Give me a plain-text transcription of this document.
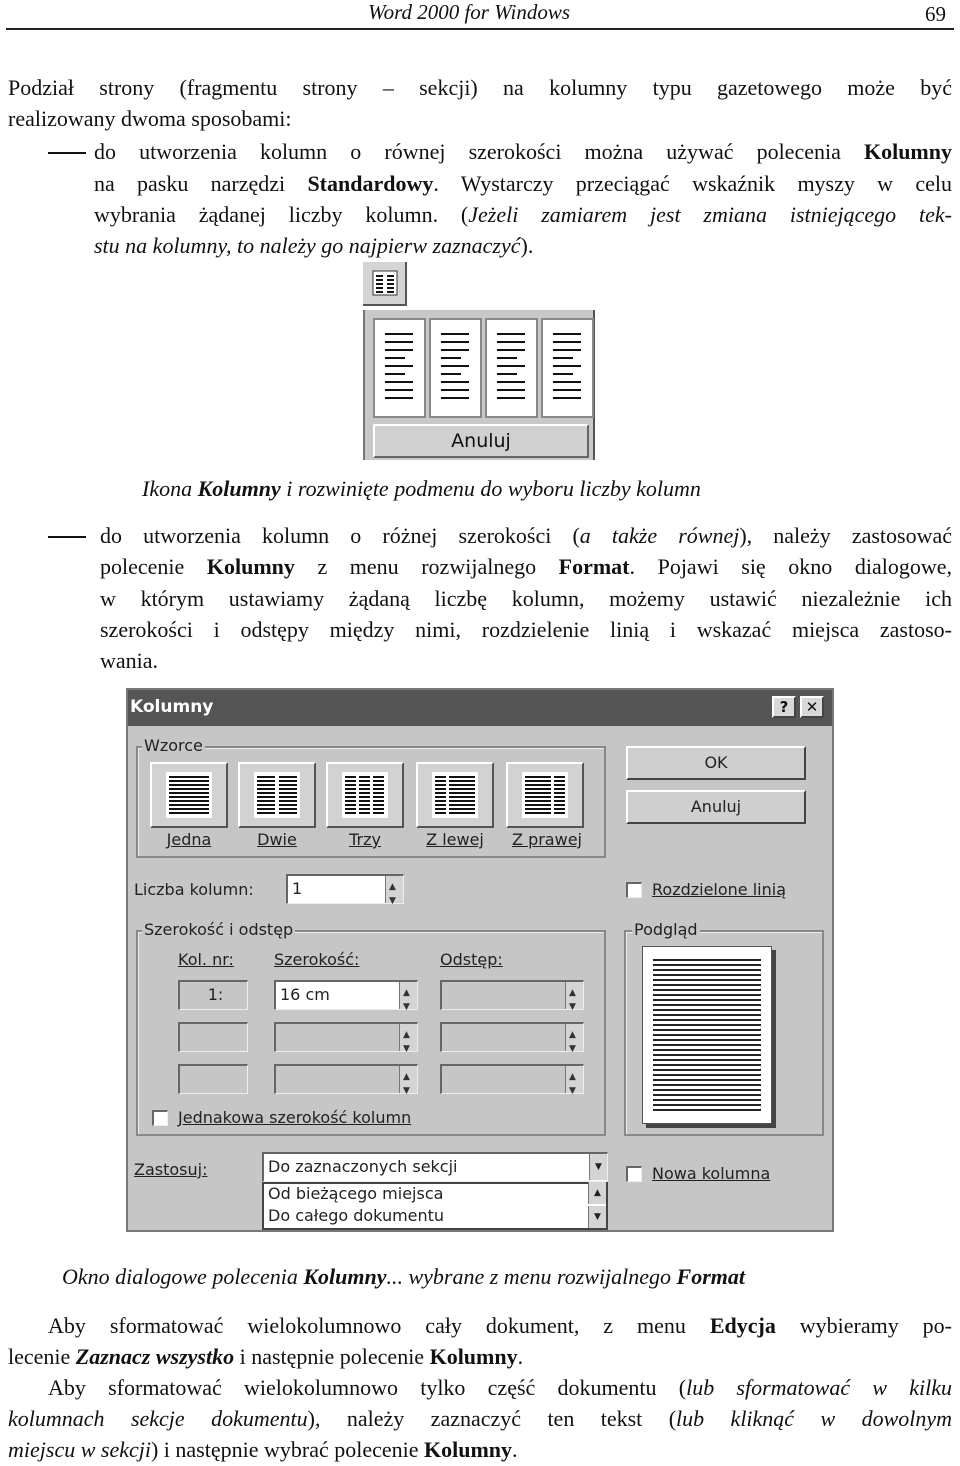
Word 2000 for Windows	69
Podział strony (fragmentu strony – sekcji) na kolumny typu gazetowego może być
realizowany dwoma sposobami:
do utworzenia kolumn o równej szerokości można używać polecenia Kolumny
na pasku narzędzi Standardowy. Wystarczy przeciągać wskaźnik myszy w celu
wybrania żądanej liczby kolumn. (Jeżeli zamiarem jest zmiana istniejącego tek-
stu na kolumny, to należy go najpierw zaznaczyć).
Anuluj
Ikona Kolumny i rozwinięte podmenu do wyboru liczby kolumn
do utworzenia kolumn o różnej szerokości (a także równej), należy zastosować
polecenie Kolumny z menu rozwijalnego Format. Pojawi się okno dialogowe,
w którym ustawiamy żądaną liczbę kolumn, możemy ustawić niezależnie ich
szerokości i odstępy między nimi, rozdzielenie linią i wskazać miejsca zastoso-
wania.
Kolumny	?	✕
Wzorce
Jedna	Dwie	Trzy	Z lewej	Z prawej
OK
Anuluj
Liczba kolumn:	1
▲ ▼	Rozdzielone linią
Szerokość i odstęp
Kol. nr:	Szerokość:	Odstęp:
1:	16 cm
▲ ▼
▲ ▼
▲ ▼
▲ ▼
▲ ▼
▲ ▼
Jednakowa szerokość kolumn
Podgląd
Zastosuj:	Do zaznaczonych sekcji	▼
Od bieżącego miejsca
Do całego dokumentu
▲
▼
Nowa kolumna
Okno dialogowe polecenia Kolumny... wybrane z menu rozwijalnego Format
Aby sformatować wielokolumnowo cały dokument, z menu Edycja wybieramy po-
lecenie Zaznacz wszystko i następnie polecenie Kolumny.
Aby sformatować wielokolumnowo tylko część dokumentu (lub sformatować w kilku
kolumnach sekcje dokumentu), należy zaznaczyć ten tekst (lub kliknąć w dowolnym
miejscu w sekcji) i następnie wybrać polecenie Kolumny.
